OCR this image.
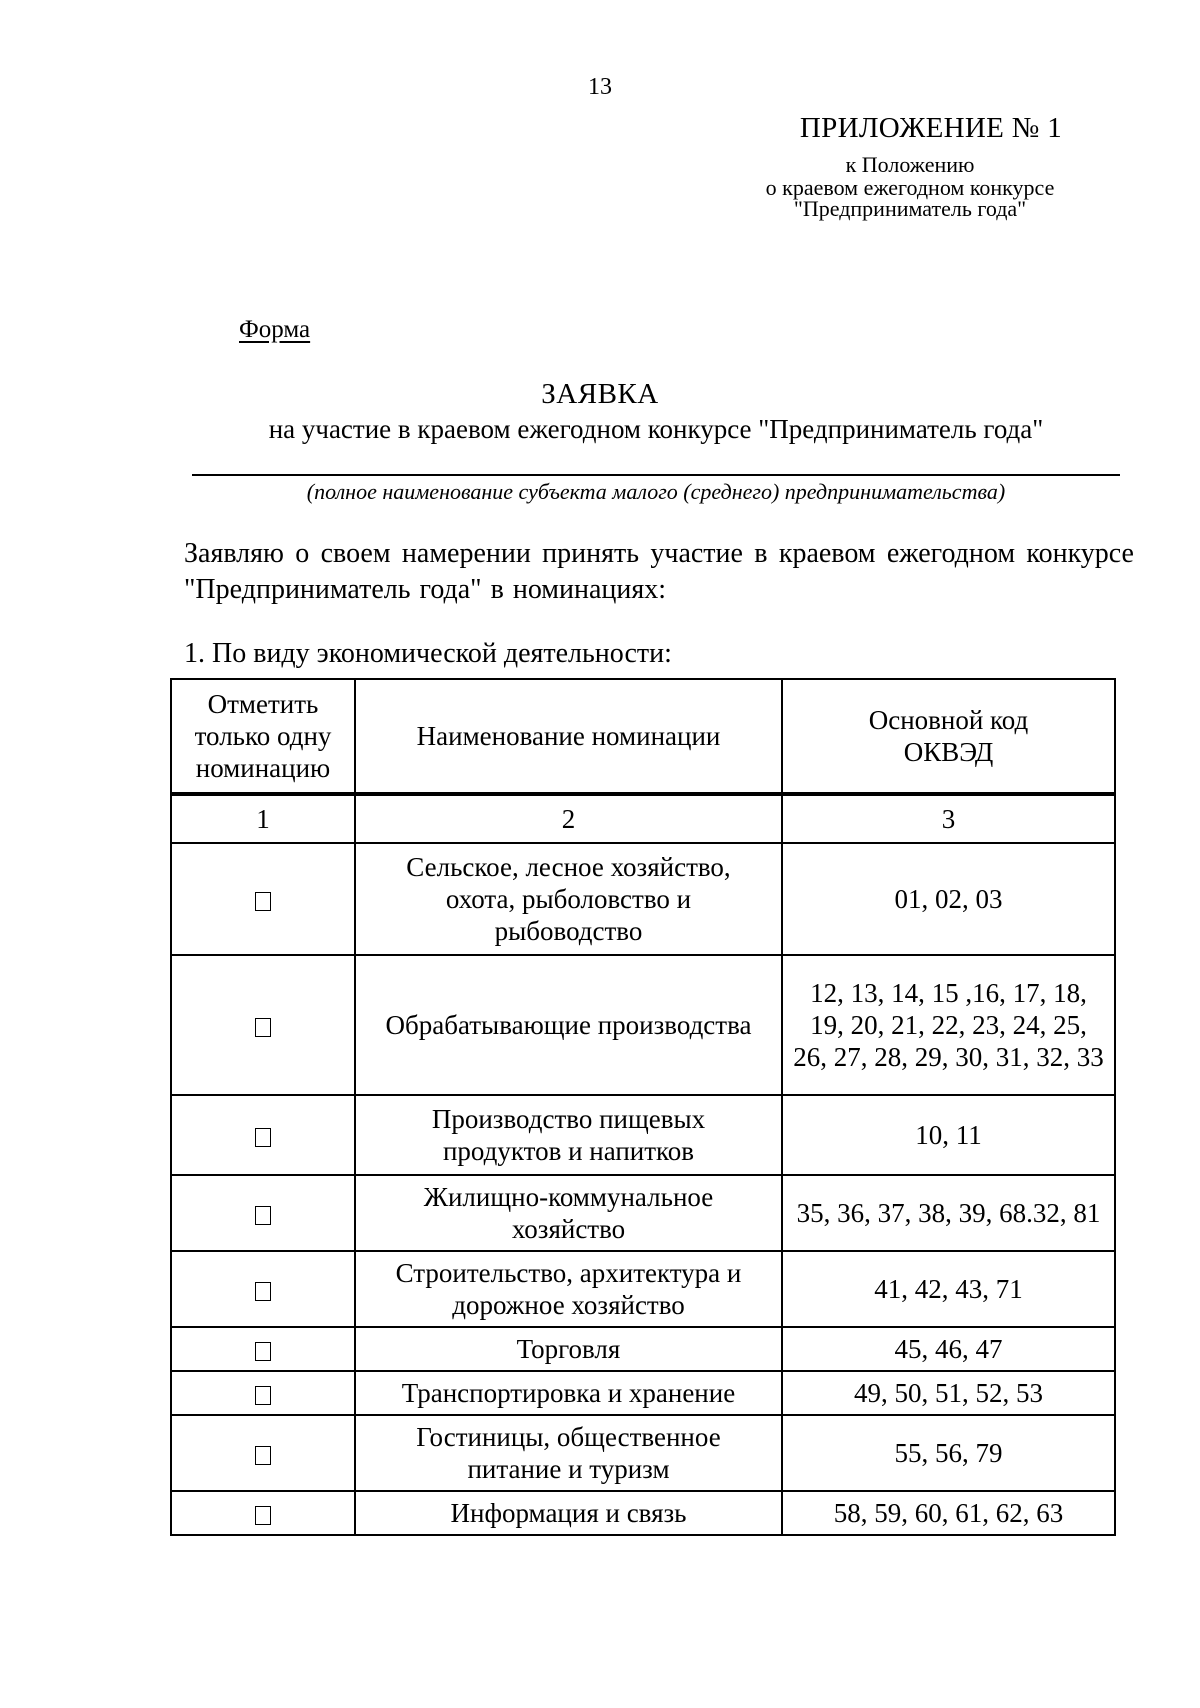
13
ПРИЛОЖЕНИЕ № 1
к Положению
о краевом ежегодном конкурсе
"Предприниматель года"
Форма
ЗАЯВКА
на участие в краевом ежегодном конкурсе "Предприниматель года"
(полное наименование субъекта малого (среднего) предпринимательства)
Заявляю о своем намерении принять участие в краевом ежегодном конкурсе "Предприниматель года" в номинациях:
1. По виду экономической деятельности:
Отметить только одну номинацию	Наименование номинации	Основной код ОКВЭД
1	2	3
	Сельское, лесное хозяйство, охота, рыболовство и рыбоводство	01, 02, 03
	Обрабатывающие производства	12, 13, 14, 15 ,16, 17, 18, 19, 20, 21, 22, 23, 24, 25, 26, 27, 28, 29, 30, 31, 32, 33
	Производство пищевых продуктов и напитков	10, 11
	Жилищно-коммунальное хозяйство	35, 36, 37, 38, 39, 68.32, 81
	Строительство, архитектура и дорожное хозяйство	41, 42, 43, 71
	Торговля	45, 46, 47
	Транспортировка и хранение	49, 50, 51, 52, 53
	Гостиницы, общественное питание и туризм	55, 56, 79
	Информация и связь	58, 59, 60, 61, 62, 63
